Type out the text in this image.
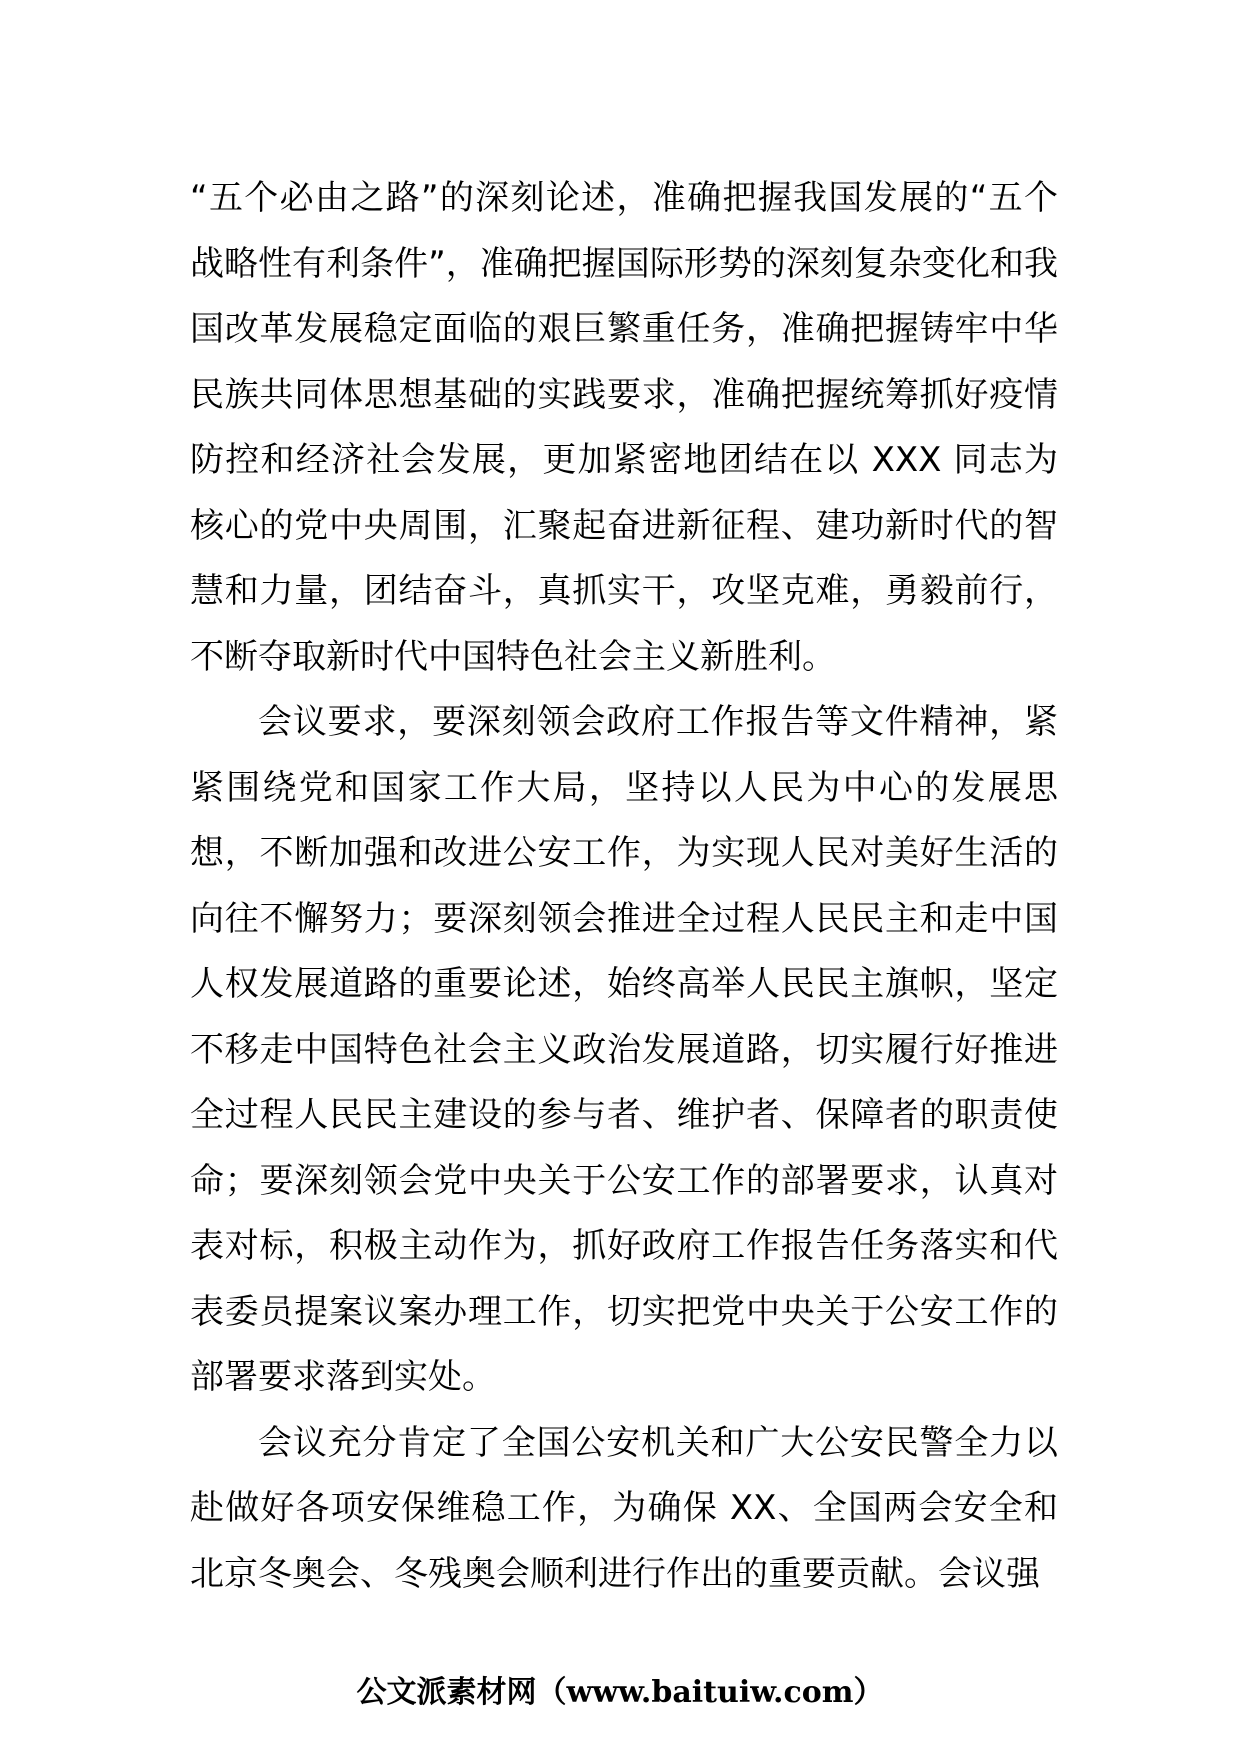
“五个必由之路”的深刻论述，准确把握我国发展的“五个战略性有利条件”，准确把握国际形势的深刻复杂变化和我国改革发展稳定面临的艰巨繁重任务，准确把握铸牢中华民族共同体思想基础的实践要求，准确把握统筹抓好疫情防控和经济社会发展，更加紧密地团结在以 XXX 同志为核心的党中央周围，汇聚起奋进新征程、建功新时代的智慧和力量，团结奋斗，真抓实干，攻坚克难，勇毅前行，不断夺取新时代中国特色社会主义新胜利。

会议要求，要深刻领会政府工作报告等文件精神，紧紧围绕党和国家工作大局，坚持以人民为中心的发展思想，不断加强和改进公安工作，为实现人民对美好生活的向往不懈努力；要深刻领会推进全过程人民民主和走中国人权发展道路的重要论述，始终高举人民民主旗帜，坚定不移走中国特色社会主义政治发展道路，切实履行好推进全过程人民民主建设的参与者、维护者、保障者的职责使命；要深刻领会党中央关于公安工作的部署要求，认真对表对标，积极主动作为，抓好政府工作报告任务落实和代表委员提案议案办理工作，切实把党中央关于公安工作的部署要求落到实处。

会议充分肯定了全国公安机关和广大公安民警全力以赴做好各项安保维稳工作，为确保 XX、全国两会安全和北京冬奥会、冬残奥会顺利进行作出的重要贡献。会议强

公文派素材网（www.baituiw.com）
